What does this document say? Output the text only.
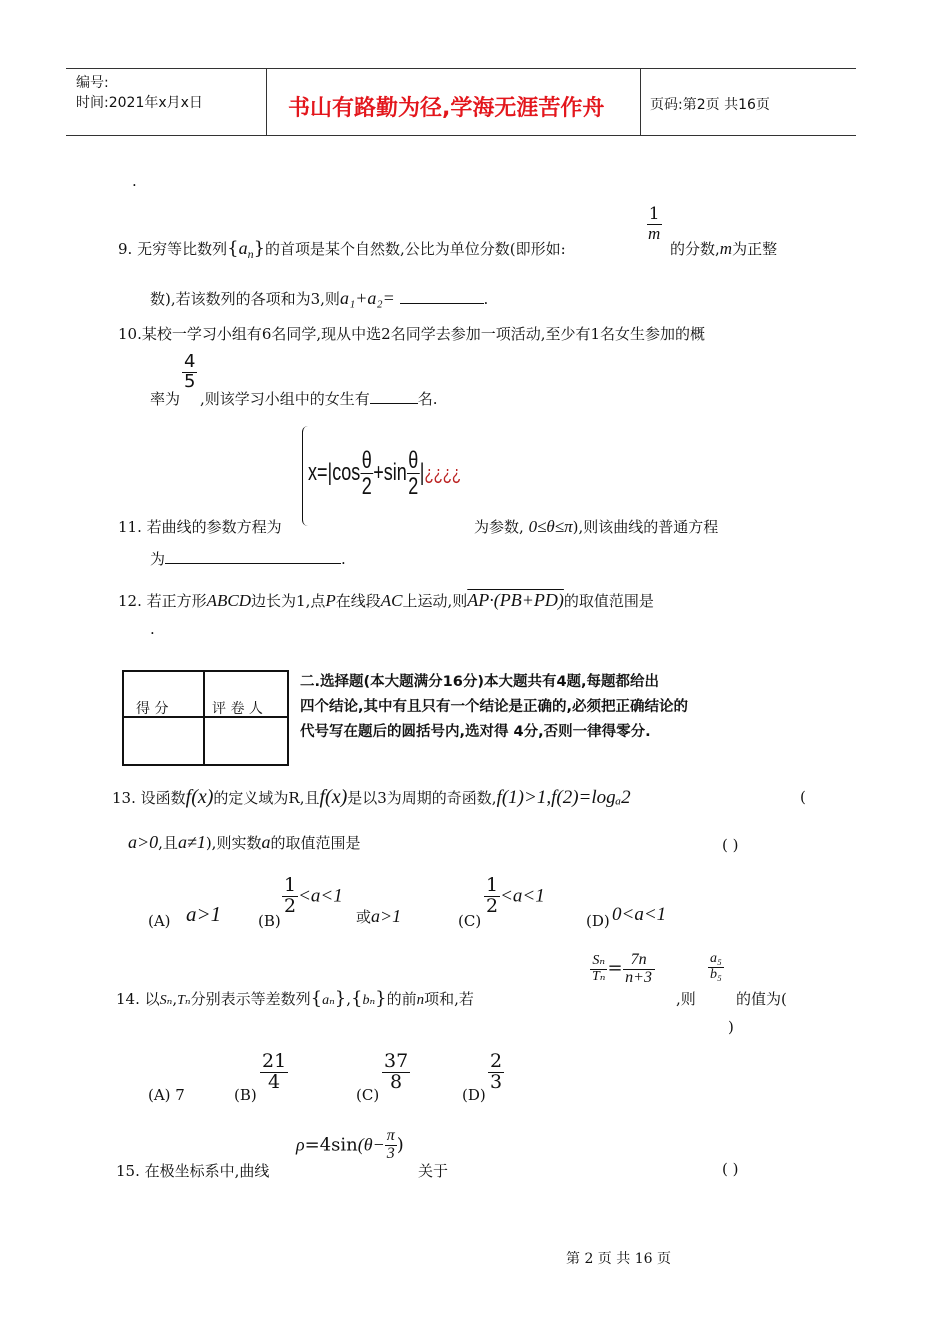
编号:
时间:2021年x月x日	书山有路勤为径,学海无涯苦作舟	页码:第2页 共16页
.
9. 无穷等比数列$\{a_n\}$的首项是某个自然数,公比为单位分数(即形如:
$\frac{1}{m}$
的分数,m为正整
数),若该数列的各项和为3,则a₁+a₂=	.
10.某校一学习小组有6名同学,现从中选2名同学去参加一项活动,至少有1名女生参加的概
率为
$\frac{4}{5}$
,则该学习小组中的女生有	名.
$x=|\cos \frac{\theta}{2} +\sin \frac{\theta}{2}$ |¿¿¿¿
11. 若曲线的参数方程为	为参数, 0≤θ≤π),则该曲线的普通方程
为	.
12. 若正方形ABCD边长为1,点P在线段AC上运动,则AP·(PB+PD)的取值范围是
.
得 分	评 卷 人
二.选择题(本大题满分16分)本大题共有4题,每题都给出
四个结论,其中有且只有一个结论是正确的,必须把正确结论的
代号写在题后的圆括号内,选对得 4分,否则一律得零分.
13. 设函数f(x)的定义域为R,且f(x)是以3为周期的奇函数,f(1)>1,f(2)=logₐ2	(
a>0,且a≠1),则实数a的取值范围是	( )
(A) a>1 (B)
$\frac{1}{2} <a<1$
或a>1	(C)
$\frac{1}{2} <a<1$
(D) 0<a<1
14. 以Sₙ,Tₙ分别表示等差数列{aₙ},{bₙ}的前n项和,若
$\frac{\text{Sₙ}}{\text{Tₙ}} = \frac{7n}{n+3}$
,则
$\frac{\text{a₅}}{\text{b₅}}$
的值为(
)
(A) 7	(B)
$\frac{21}{4}$
(C)
$\frac{37}{8}$
(D)
$\frac{2}{3}$
15. 在极坐标系中,曲线
$\rho=4\sin(\theta- \frac{\pi}{3}$ )
关于	( )
第 2 页 共 16 页
